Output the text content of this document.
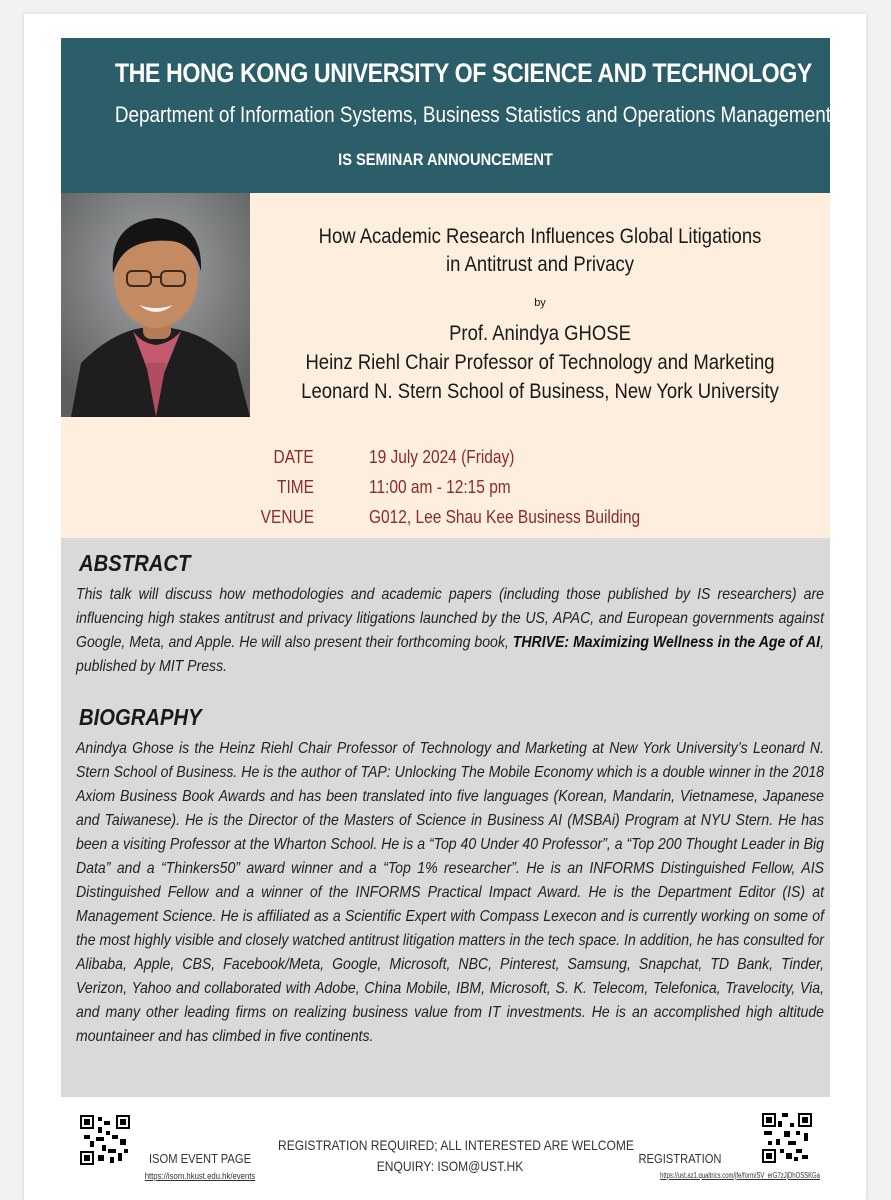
THE HONG KONG UNIVERSITY OF SCIENCE AND TECHNOLOGY
Department of Information Systems, Business Statistics and Operations Management
IS SEMINAR ANNOUNCEMENT
How Academic Research Influences Global Litigations
in Antitrust and Privacy
by
Prof. Anindya GHOSE
Heinz Riehl Chair Professor of Technology and Marketing
Leonard N. Stern School of Business, New York University
DATE	19 July 2024 (Friday)
TIME	11:00 am - 12:15 pm
VENUE	G012, Lee Shau Kee Business Building
ABSTRACT
This talk will discuss how methodologies and academic papers (including those published by IS researchers) are influencing high stakes antitrust and privacy litigations launched by the US, APAC, and European governments against Google, Meta, and Apple. He will also present their forthcoming book, THRIVE: Maximizing Wellness in the Age of AI, published by MIT Press.
BIOGRAPHY
Anindya Ghose is the Heinz Riehl Chair Professor of Technology and Marketing at New York University’s Leonard N. Stern School of Business. He is the author of TAP: Unlocking The Mobile Economy which is a double winner in the 2018 Axiom Business Book Awards and has been translated into five languages (Korean, Mandarin, Vietnamese, Japanese and Taiwanese). He is the Director of the Masters of Science in Business AI (MSBAi) Program at NYU Stern. He has been a visiting Professor at the Wharton School. He is a “Top 40 Under 40 Professor”, a “Top 200 Thought Leader in Big Data” and a “Thinkers50” award winner and a “Top 1% researcher”. He is an INFORMS Distinguished Fellow, AIS Distinguished Fellow and a winner of the INFORMS Practical Impact Award. He is the Department Editor (IS) at Management Science. He is affiliated as a Scientific Expert with Compass Lexecon and is currently working on some of the most highly visible and closely watched antitrust litigation matters in the tech space. In addition, he has consulted for Alibaba, Apple, CBS, Facebook/Meta, Google, Microsoft, NBC, Pinterest, Samsung, Snapchat, TD Bank, Tinder, Verizon, Yahoo and collaborated with Adobe, China Mobile, IBM, Microsoft, S. K. Telecom, Telefonica, Travelocity, Via, and many other leading firms on realizing business value from IT investments. He is an accomplished high altitude mountaineer and has climbed in five continents.
ISOM EVENT PAGE
https://isom.hkust.edu.hk/events
REGISTRATION REQUIRED; ALL INTERESTED ARE WELCOME
ENQUIRY: ISOM@UST.HK	REGISTRATION
https://ust.az1.qualtrics.com/jfe/form/SV_erG7zJjDhOSSKGa
